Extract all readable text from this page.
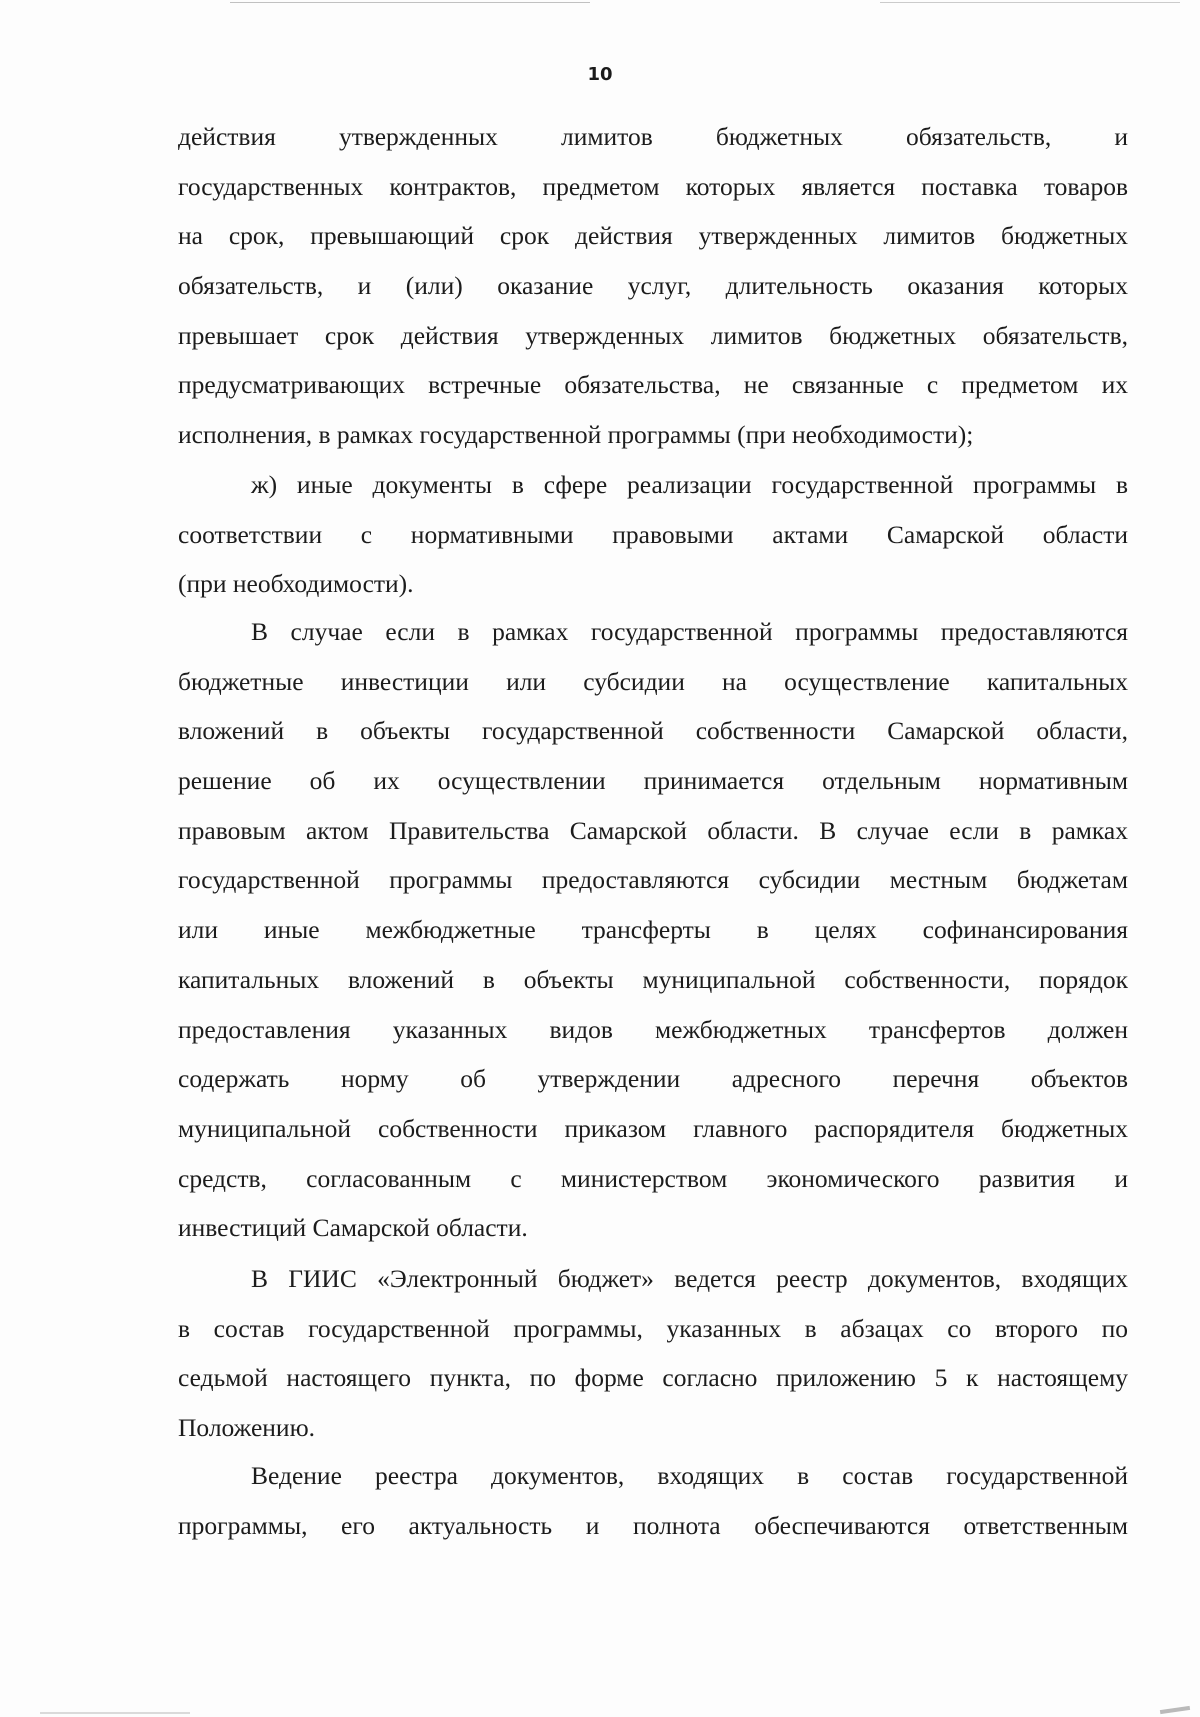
10
действия утвержденных лимитов бюджетных обязательств, и
государственных контрактов, предметом которых является поставка товаров
на срок, превышающий срок действия утвержденных лимитов бюджетных
обязательств, и (или) оказание услуг, длительность оказания которых
превышает срок действия утвержденных лимитов бюджетных обязательств,
предусматривающих встречные обязательства, не связанные с предметом их
исполнения, в рамках государственной программы (при необходимости);
ж) иные документы в сфере реализации государственной программы в
соответствии с нормативными правовыми актами Самарской области
(при необходимости).
В случае если в рамках государственной программы предоставляются
бюджетные инвестиции или субсидии на осуществление капитальных
вложений в объекты государственной собственности Самарской области,
решение об их осуществлении принимается отдельным нормативным
правовым актом Правительства Самарской области. В случае если в рамках
государственной программы предоставляются субсидии местным бюджетам
или иные межбюджетные трансферты в целях софинансирования
капитальных вложений в объекты муниципальной собственности, порядок
предоставления указанных видов межбюджетных трансфертов должен
содержать норму об утверждении адресного перечня объектов
муниципальной собственности приказом главного распорядителя бюджетных
средств, согласованным с министерством экономического развития и
инвестиций Самарской области.
В ГИИС «Электронный бюджет» ведется реестр документов, входящих
в состав государственной программы, указанных в абзацах со второго по
седьмой настоящего пункта, по форме согласно приложению 5 к настоящему
Положению.
Ведение реестра документов, входящих в состав государственной
программы, его актуальность и полнота обеспечиваются ответственным
